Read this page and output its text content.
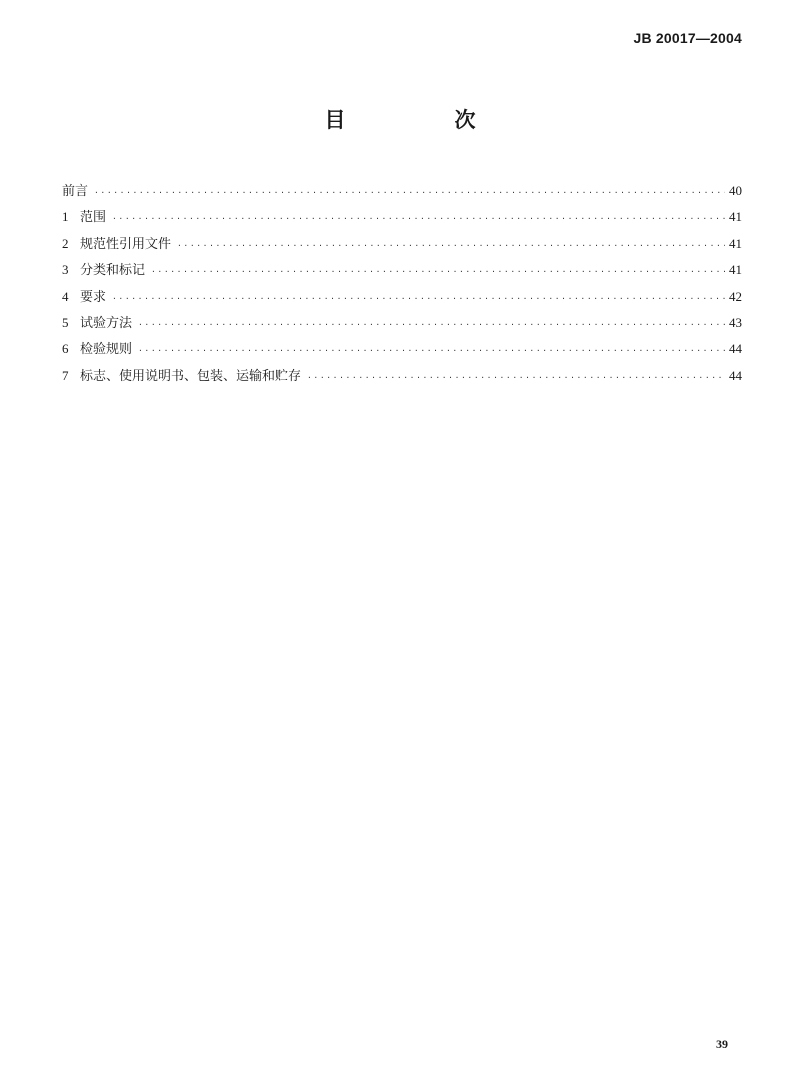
JB 20017—2004
目　次
前言 ·····	40
1 范围 ·····	41
2 规范性引用文件 ·····	41
3 分类和标记 ·····	41
4 要求 ·····	42
5 试验方法 ·····	43
6 检验规则 ·····	44
7 标志、使用说明书、包装、运输和贮存 ·····	44
39
